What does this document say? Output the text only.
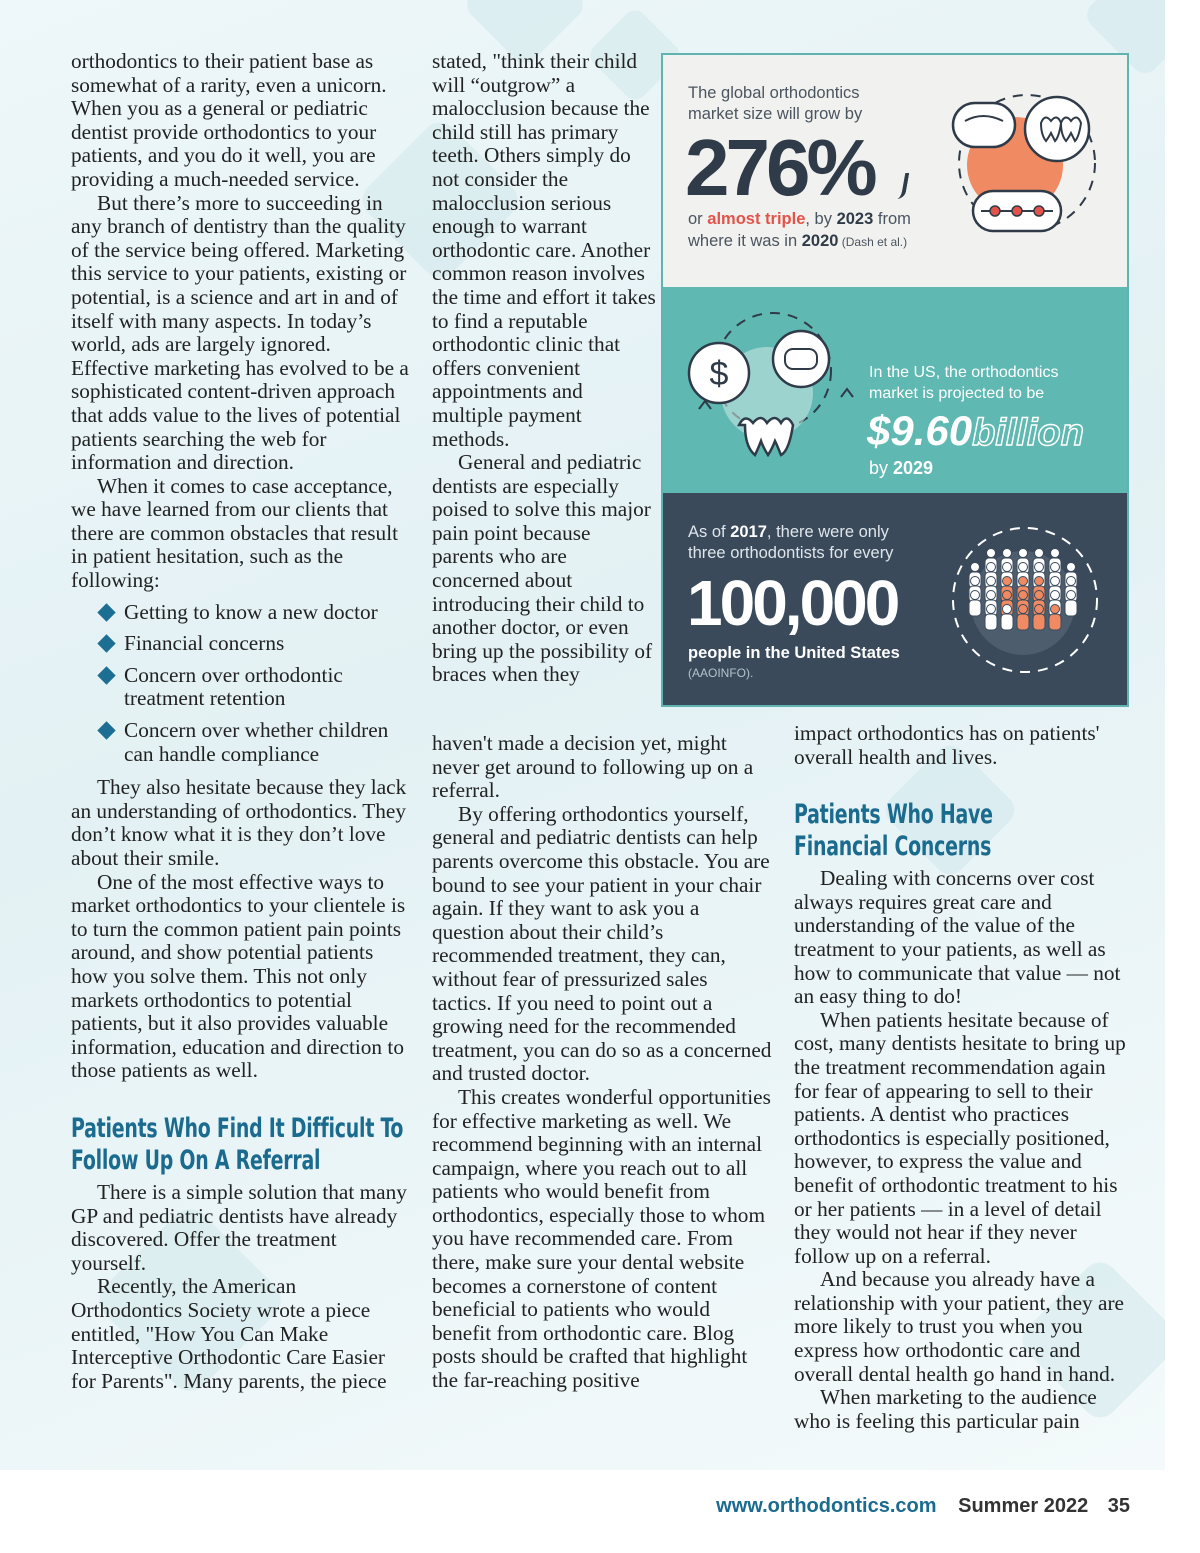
orthodontics to their patient base as somewhat of a rarity, even a unicorn. When you as a general or pediatric dentist provide orthodontics to your patients, and you do it well, you are providing a much-needed service.

But there’s more to succeeding in any branch of dentistry than the quality of the service being offered. Marketing this service to your patients, existing or potential, is a science and art in and of itself with many aspects. In today’s world, ads are largely ignored. Effective marketing has evolved to be a sophisticated content-driven approach that adds value to the lives of potential patients searching the web for information and direction.

When it comes to case acceptance, we have learned from our clients that there are common obstacles that result in patient hesitation, such as the following:

Getting to know a new doctor
Financial concerns
Concern over orthodontic treatment retention
Concern over whether children can handle compliance

They also hesitate because they lack an understanding of orthodontics. They don’t know what it is they don’t love about their smile.

One of the most effective ways to market orthodontics to your clientele is to turn the common patient pain points around, and show potential patients how you solve them. This not only markets orthodontics to potential patients, but it also provides valuable information, education and direction to those patients as well.

Patients Who Find It Difficult To
Follow Up On A Referral

There is a simple solution that many GP and pediatric dentists have already discovered. Offer the treatment yourself.

Recently, the American Orthodontics Society wrote a piece entitled, "How You Can Make Interceptive Orthodontic Care Easier for Parents". Many parents, the piece

stated, "think their child will “outgrow” a malocclusion because the child still has primary teeth. Others simply do not consider the malocclusion serious enough to warrant orthodontic care. Another common reason involves the time and effort it takes to find a reputable orthodontic clinic that offers convenient appointments and multiple payment methods.

General and pediatric dentists are especially poised to solve this major pain point because parents who are concerned about introducing their child to another doctor, or even bring up the possibility of braces when they

haven't made a decision yet, might never get around to following up on a referral.

By offering orthodontics yourself, general and pediatric dentists can help parents overcome this obstacle. You are bound to see your patient in your chair again. If they want to ask you a question about their child’s recommended treatment, they can, without fear of pressurized sales tactics. If you need to point out a growing need for the recommended treatment, you can do so as a concerned and trusted doctor.

This creates wonderful opportunities for effective marketing as well. We recommend beginning with an internal campaign, where you reach out to all patients who would benefit from orthodontics, especially those to whom you have recommended care. From there, make sure your dental website becomes a cornerstone of content beneficial to patients who would benefit from orthodontic care. Blog posts should be crafted that highlight the far-reaching positive

impact orthodontics has on patients' overall health and lives.

Patients Who Have
Financial Concerns

Dealing with concerns over cost always requires great care and understanding of the value of the treatment to your patients, as well as how to communicate that value — not an easy thing to do!

When patients hesitate because of cost, many dentists hesitate to bring up the treatment recommendation again for fear of appearing to sell to their patients. A dentist who practices orthodontics is especially positioned, however, to express the value and benefit of orthodontic treatment to his or her patients — in a level of detail they would not hear if they never follow up on a referral.

And because you already have a relationship with your patient, they are more likely to trust you when you express how orthodontic care and overall dental health go hand in hand.

When marketing to the audience who is feeling this particular pain

The global orthodontics
market size will grow by
276%
or almost triple, by 2023 from
where it was in 2020 (Dash et al.)
$	In the US, the orthodontics
market is projected to be
$9.60billion
by 2029
As of 2017, there were only
three orthodontists for every
100,000
people in the United States
(AAOINFO).
www.orthodontics.com Summer 2022 35
